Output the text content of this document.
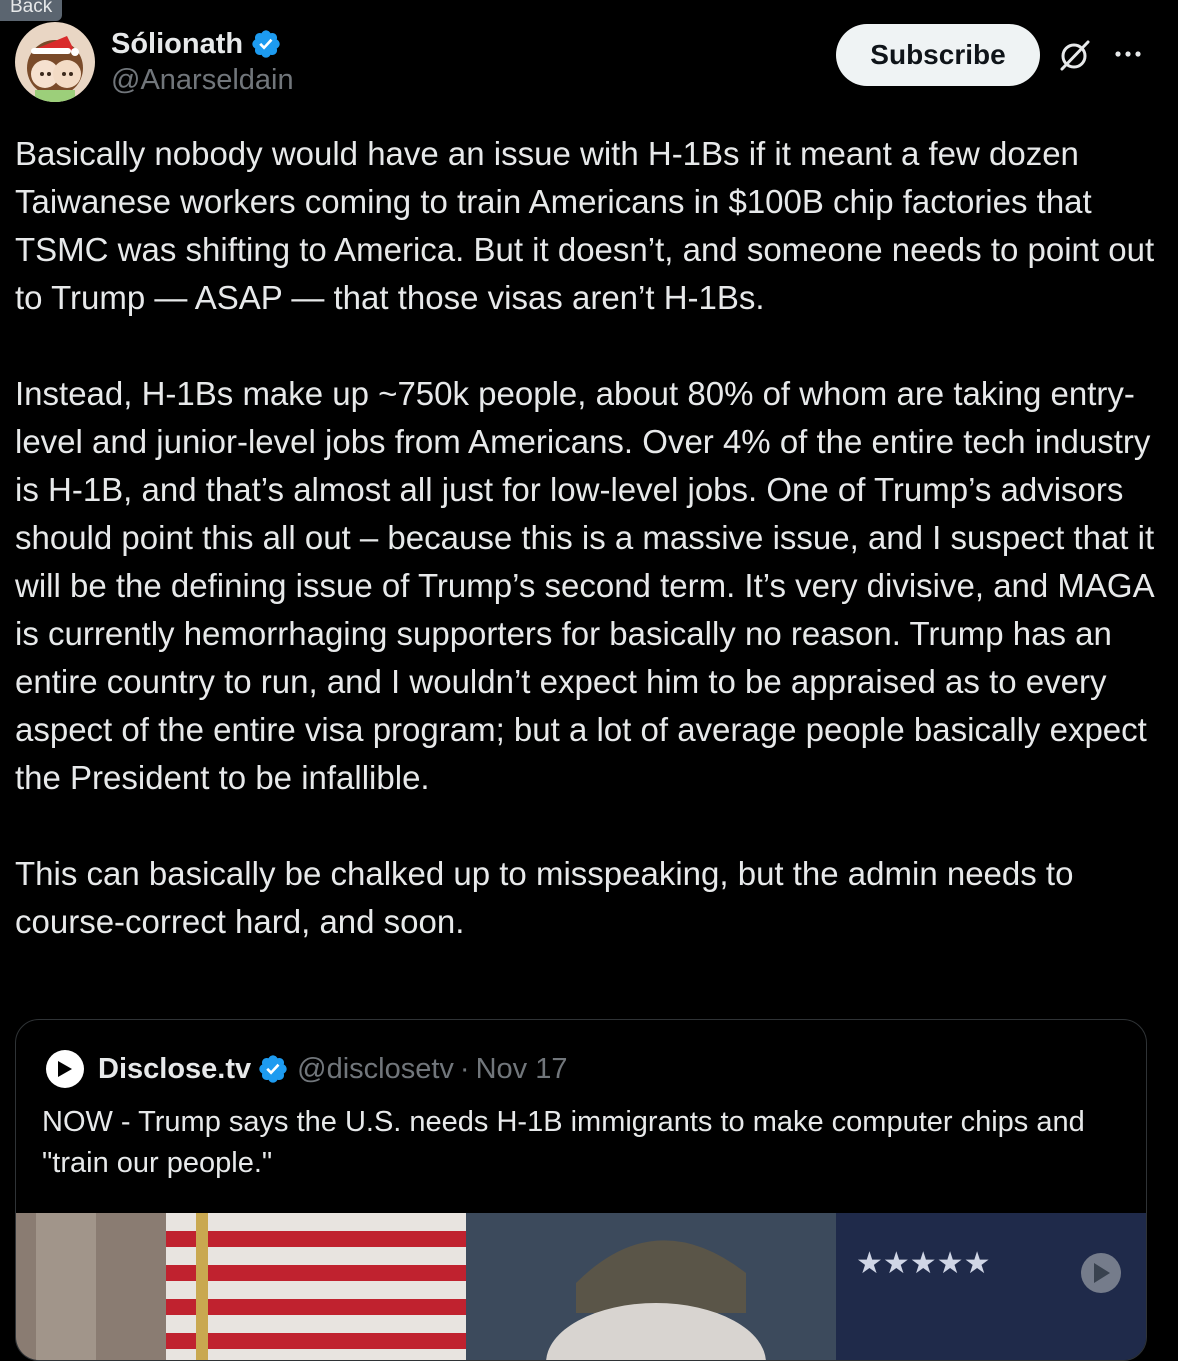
Back
Sólionath
@Anarseldain
Subscribe
Basically nobody would have an issue with H-1Bs if it meant a few dozen Taiwanese workers coming to train Americans in $100B chip factories that TSMC was shifting to America. But it doesn’t, and someone needs to point out to Trump — ASAP — that those visas aren’t H-1Bs.

Instead, H-1Bs make up ~750k people, about 80% of whom are taking entry-level and junior-level jobs from Americans. Over 4% of the entire tech industry is H-1B, and that’s almost all just for low-level jobs. One of Trump’s advisors should point this all out – because this is a massive issue, and I suspect that it will be the defining issue of Trump’s second term. It’s very divisive, and MAGA is currently hemorrhaging supporters for basically no reason. Trump has an entire country to run, and I wouldn’t expect him to be appraised as to every aspect of the entire visa program; but a lot of average people basically expect the President to be infallible.

This can basically be chalked up to misspeaking, but the admin needs to course-correct hard, and soon.
Disclose.tv @disclosetv · Nov 17
NOW - Trump says the U.S. needs H-1B immigrants to make computer chips and "train our people."
★★★★★
